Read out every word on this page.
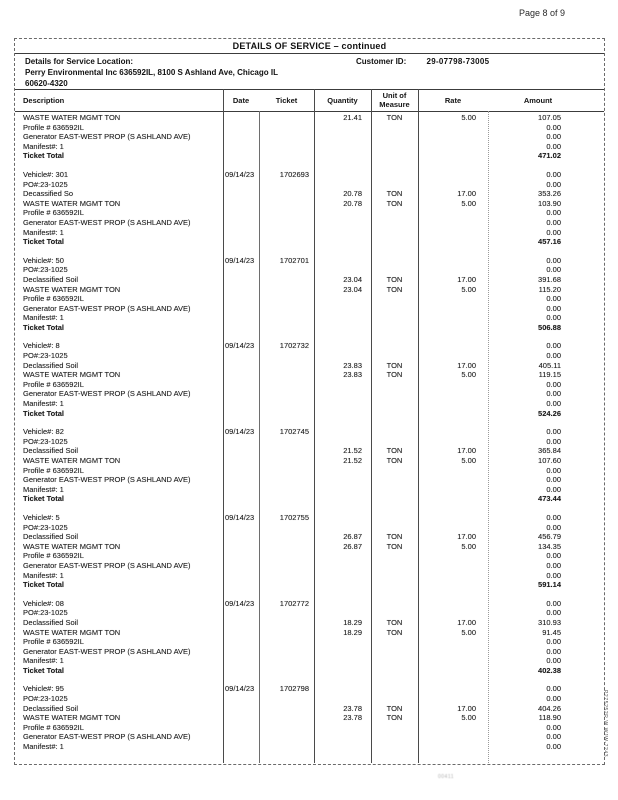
Page 8 of 9
DETAILS OF SERVICE – continued
Details for Service Location:
Perry Environmental Inc 636592IL, 8100 S Ashland Ave, Chicago IL
60620-4320
Customer ID:	29-07798-73005
Description	Date	Ticket	Quantity
Unit of
Measure	Rate	Amount
WASTE WATER MGMT TON	21.41	TON	5.00	107.05
Profile # 636592IL	0.00
Generator EAST-WEST PROP (S ASHLAND AVE)	0.00
Manifest#: 1	0.00
Ticket Total	471.02
Vehicle#: 301	09/14/23	1702693	0.00
PO#:23-1025	0.00
Decassified So	20.78	TON	17.00	353.26
WASTE WATER MGMT TON	20.78	TON	5.00	103.90
Profile # 636592IL	0.00
Generator EAST-WEST PROP (S ASHLAND AVE)	0.00
Manifest#: 1	0.00
Ticket Total	457.16
Vehicle#: 50	09/14/23	1702701	0.00
PO#:23-1025	0.00
Declassified Soil	23.04	TON	17.00	391.68
WASTE WATER MGMT TON	23.04	TON	5.00	115.20
Profile # 636592IL	0.00
Generator EAST-WEST PROP (S ASHLAND AVE)	0.00
Manifest#: 1	0.00
Ticket Total	506.88
Vehicle#: 8	09/14/23	1702732	0.00
PO#:23-1025	0.00
Declassified Soil	23.83	TON	17.00	405.11
WASTE WATER MGMT TON	23.83	TON	5.00	119.15
Profile # 636592IL	0.00
Generator EAST-WEST PROP (S ASHLAND AVE)	0.00
Manifest#: 1	0.00
Ticket Total	524.26
Vehicle#: 82	09/14/23	1702745	0.00
PO#:23-1025	0.00
Declassified Soil	21.52	TON	17.00	365.84
WASTE WATER MGMT TON	21.52	TON	5.00	107.60
Profile # 636592IL	0.00
Generator EAST-WEST PROP (S ASHLAND AVE)	0.00
Manifest#: 1	0.00
Ticket Total	473.44
Vehicle#: 5	09/14/23	1702755	0.00
PO#:23-1025	0.00
Declassified Soil	26.87	TON	17.00	456.79
WASTE WATER MGMT TON	26.87	TON	5.00	134.35
Profile # 636592IL	0.00
Generator EAST-WEST PROP (S ASHLAND AVE)	0.00
Manifest#: 1	0.00
Ticket Total	591.14
Vehicle#: 08	09/14/23	1702772	0.00
PO#:23-1025	0.00
Declassified Soil	18.29	TON	17.00	310.93
WASTE WATER MGMT TON	18.29	TON	5.00	91.45
Profile # 636592IL	0.00
Generator EAST-WEST PROP (S ASHLAND AVE)	0.00
Manifest#: 1	0.00
Ticket Total	402.38
Vehicle#: 95	09/14/23	1702798	0.00
PO#:23-1025	0.00
Declassified Soil	23.78	TON	17.00	404.26
WASTE WATER MGMT TON	23.78	TON	5.00	118.90
Profile # 636592IL	0.00
Generator EAST-WEST PROP (S ASHLAND AVE)	0.00
Manifest#: 1	0.00
00411
P275252R W WJW-7243
